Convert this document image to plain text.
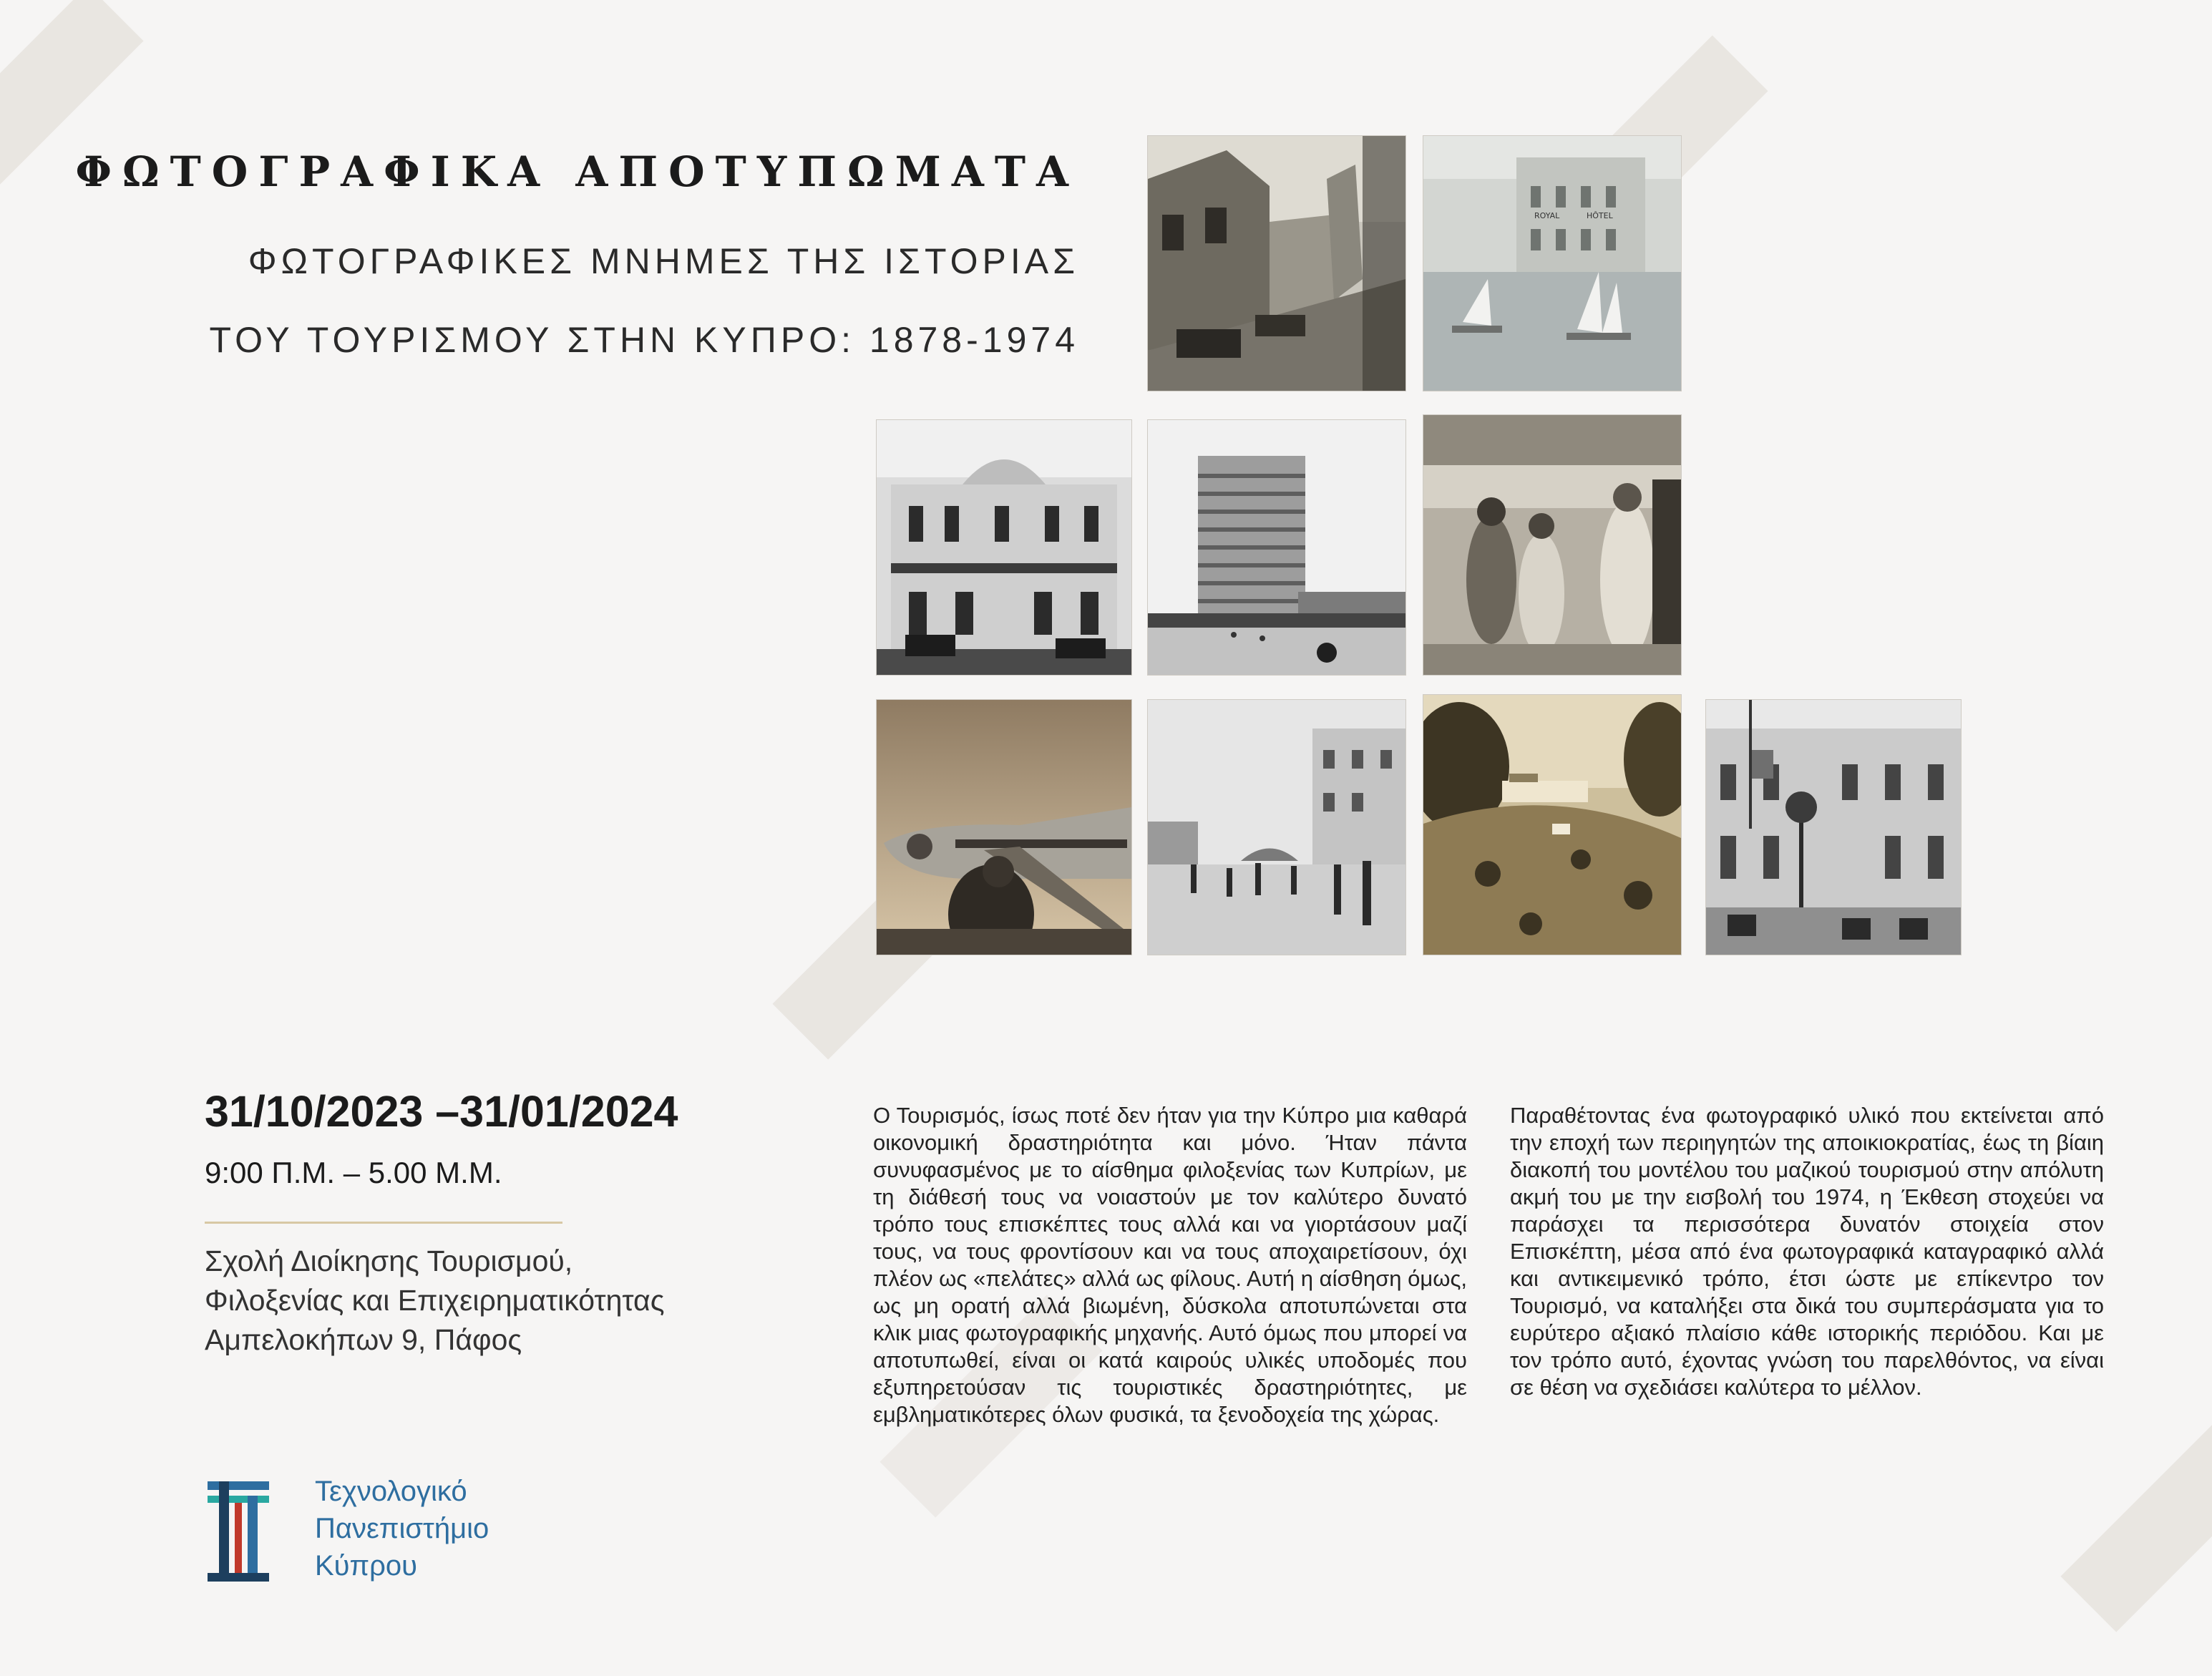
ΦΩΤΟΓΡΑΦΙΚΑ ΑΠΟΤΥΠΩΜΑΤΑ
ΦΩΤΟΓΡΑΦΙΚΕΣ ΜΝΗΜΕΣ ΤΗΣ ΙΣΤΟΡΙΑΣ
ΤΟΥ ΤΟΥΡΙΣΜΟΥ ΣΤΗΝ ΚΥΠΡΟ: 1878-1974
ROYAL	HÔTEL

31/10/2023 –31/01/2024

9:00 Π.Μ. – 5.00 Μ.Μ.

Σχολή Διοίκησης Τουρισμού,
Φιλοξενίας και Επιχειρηματικότητας
Αμπελοκήπων 9, Πάφος
Τεχνολογικό
Πανεπιστήμιο
Κύπρου

Ο Τουρισμός, ίσως ποτέ δεν ήταν για την Κύπρο μια καθαρά οικονομική δραστηριότητα και μόνο. Ήταν πάντα συνυφασμένος με το αίσθημα φιλοξενίας των Κυπρίων, με τη διάθεσή τους να νοιαστούν με τον καλύτερο δυνατό τρόπο τους επισκέπτες τους αλλά και να γιορτάσουν μαζί τους, να τους φροντίσουν και να τους αποχαιρετίσουν, όχι πλέον ως «πελάτες» αλλά ως φίλους. Αυτή η αίσθηση όμως, ως μη ορατή αλλά βιωμένη, δύσκολα αποτυπώνεται στα κλικ μιας φωτογραφικής μηχανής. Αυτό όμως που μπορεί να αποτυπωθεί, είναι οι κατά καιρούς υλικές υποδομές που εξυπηρετούσαν τις τουριστικές δραστηριότητες, με εμβληματικότερες όλων φυσικά, τα ξενοδοχεία της χώρας.

Παραθέτοντας ένα φωτογραφικό υλικό που εκτείνεται από την εποχή των περιηγητών της αποικιοκρατίας, έως τη βίαιη διακοπή του μοντέλου του μαζικού τουρισμού στην απόλυτη ακμή του με την εισβολή του 1974, η Έκθεση στοχεύει να παράσχει τα περισσότερα δυνατόν στοιχεία στον Επισκέπτη, μέσα από ένα φωτογραφικά καταγραφικό αλλά και αντικειμενικό τρόπο, έτσι ώστε με επίκεντρο τον Τουρισμό, να καταλήξει στα δικά του συμπεράσματα για το ευρύτερο αξιακό πλαίσιο κάθε ιστορικής περιόδου. Και με τον τρόπο αυτό, έχοντας γνώση του παρελθόντος, να είναι σε θέση να σχεδιάσει καλύτερα το μέλλον.
